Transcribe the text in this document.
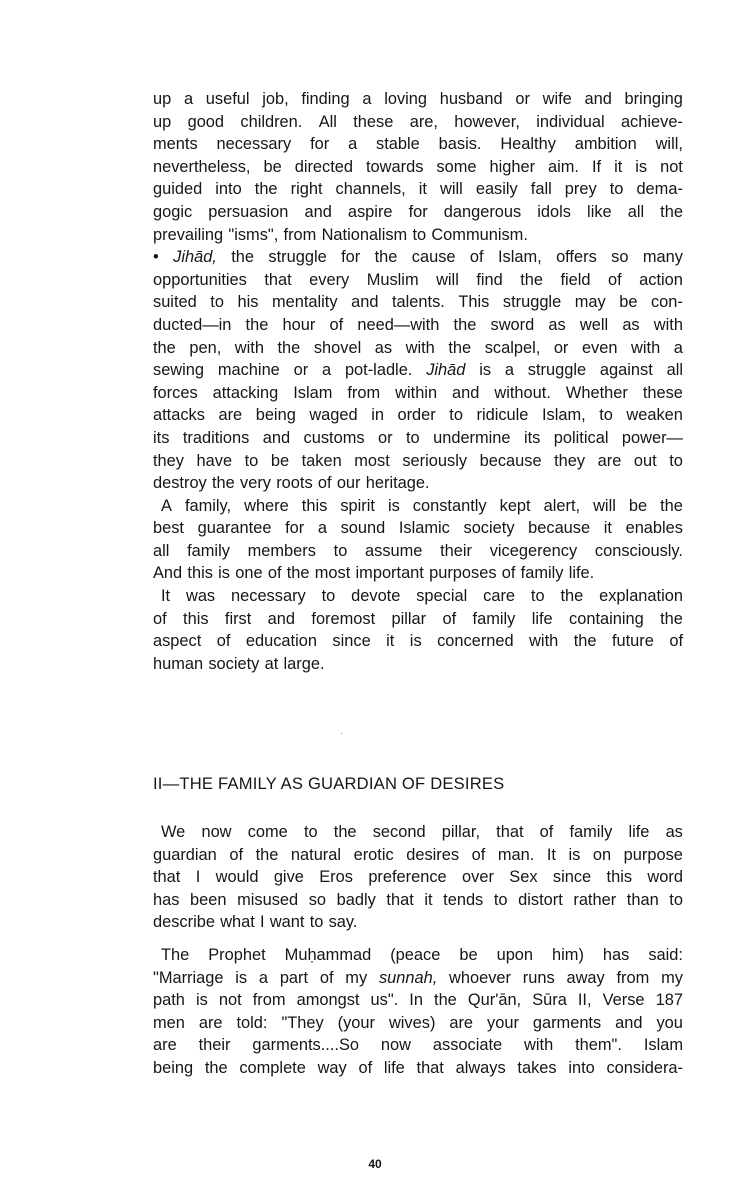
up a useful job, finding a loving husband or wife and bringing
up good children. All these are, however, individual achieve-
ments necessary for a stable basis. Healthy ambition will,
nevertheless, be directed towards some higher aim. If it is not
guided into the right channels, it will easily fall prey to dema-
gogic persuasion and aspire for dangerous idols like all the
prevailing "isms", from Nationalism to Communism.
• Jihād, the struggle for the cause of Islam, offers so many
opportunities that every Muslim will find the field of action
suited to his mentality and talents. This struggle may be con-
ducted—in the hour of need—with the sword as well as with
the pen, with the shovel as with the scalpel, or even with a
sewing machine or a pot-ladle. Jihād is a struggle against all
forces attacking Islam from within and without. Whether these
attacks are being waged in order to ridicule Islam, to weaken
its traditions and customs or to undermine its political power—
they have to be taken most seriously because they are out to
destroy the very roots of our heritage.
A family, where this spirit is constantly kept alert, will be the
best guarantee for a sound Islamic society because it enables
all family members to assume their vicegerency consciously.
And this is one of the most important purposes of family life.
It was necessary to devote special care to the explanation
of this first and foremost pillar of family life containing the
aspect of education since it is concerned with the future of
human society at large.
·
II—THE FAMILY AS GUARDIAN OF DESIRES
We now come to the second pillar, that of family life as
guardian of the natural erotic desires of man. It is on purpose
that I would give Eros preference over Sex since this word
has been misused so badly that it tends to distort rather than to
describe what I want to say.
The Prophet Muḥammad (peace be upon him) has said:
"Marriage is a part of my sunnah, whoever runs away from my
path is not from amongst us". In the Qur'ān, Sūra II, Verse 187
men are told: "They (your wives) are your garments and you
are their garments....So now associate with them". Islam
being the complete way of life that always takes into considera-
40
